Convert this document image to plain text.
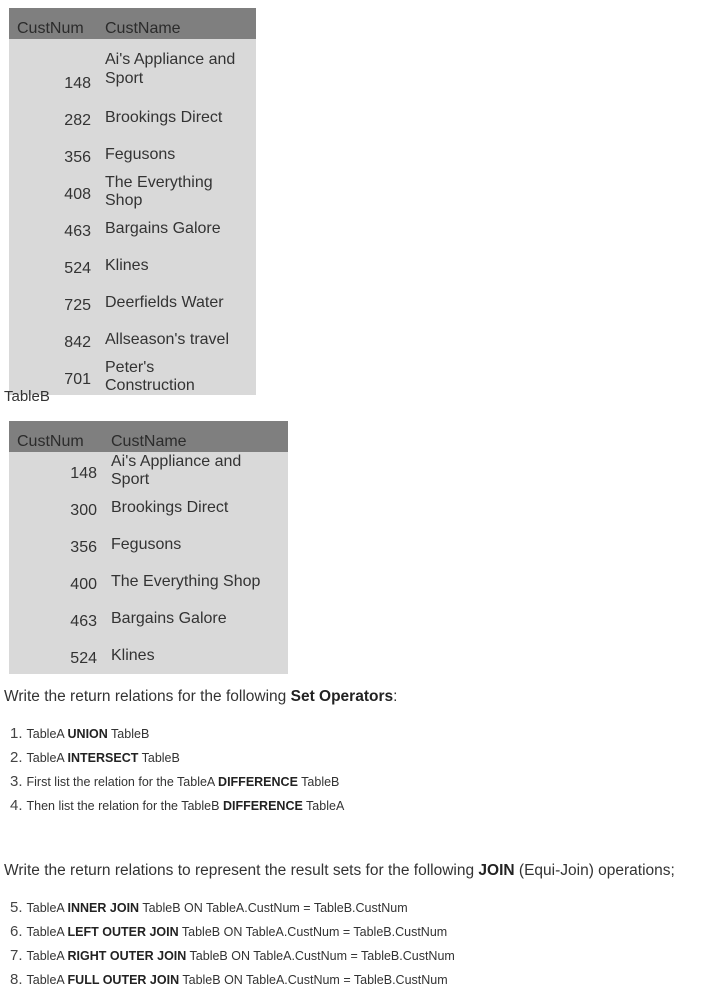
CustNum	CustName
148	Ai's Appliance and
Sport
282	Brookings Direct
356	Fegusons
408	The Everything Shop
463	Bargains Galore
524	Klines
725	Deerfields Water
842	Allseason's travel
701	Peter's Construction
TableB
CustNum	CustName
148	Ai's Appliance and Sport
300	Brookings Direct
356	Fegusons
400	The Everything Shop
463	Bargains Galore
524	Klines
Write the return relations for the following Set Operators:
1. TableA UNION TableB
2. TableA INTERSECT TableB
3. First list the relation for the TableA DIFFERENCE TableB
4. Then list the relation for the TableB DIFFERENCE TableA
Write the return relations to represent the result sets for the following JOIN (Equi-Join) operations;
5. TableA INNER JOIN TableB ON TableA.CustNum = TableB.CustNum
6. TableA LEFT OUTER JOIN TableB ON TableA.CustNum = TableB.CustNum
7. TableA RIGHT OUTER JOIN TableB ON TableA.CustNum = TableB.CustNum
8. TableA FULL OUTER JOIN TableB ON TableA.CustNum = TableB.CustNum
